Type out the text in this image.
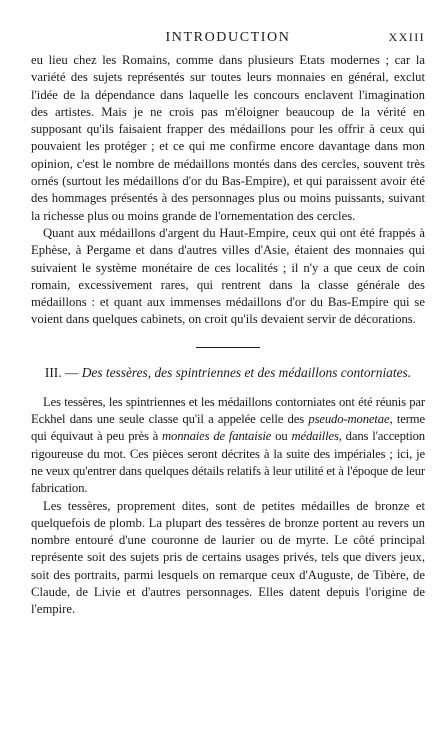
INTRODUCTION	XXIII

eu lieu chez les Romains, comme dans plusieurs Etats modernes ; car la variété des sujets représentés sur toutes leurs monnaies en général, exclut l'idée de la dépendance dans laquelle les concours enclavent l'imagination des artistes. Mais je ne crois pas m'éloigner beaucoup de la vérité en supposant qu'ils faisaient frapper des médaillons pour les offrir à ceux qui pouvaient les protéger ; et ce qui me confirme encore davantage dans mon opinion, c'est le nombre de médaillons montés dans des cercles, souvent très ornés (surtout les médaillons d'or du Bas-Empire), et qui paraissent avoir été des hommages présentés à des personnages plus ou moins puissants, suivant la richesse plus ou moins grande de l'ornementation des cercles.

Quant aux médaillons d'argent du Haut-Empire, ceux qui ont été frappés à Ephèse, à Pergame et dans d'autres villes d'Asie, étaient des monnaies qui suivaient le système monétaire de ces localités ; il n'y a que ceux de coin romain, excessivement rares, qui rentrent dans la classe générale des médaillons : et quant aux immenses médaillons d'or du Bas-Empire qui se voient dans quelques cabinets, on croit qu'ils devaient servir de décorations.

III. — Des tessères, des spintriennes et des médaillons contorniates.

Les tessères, les spintriennes et les médaillons contorniates ont été réunis par Eckhel dans une seule classe qu'il a appelée celle des pseudo-monetae, terme qui équivaut à peu près à monnaies de fantaisie ou médailles, dans l'acception rigoureuse du mot. Ces pièces seront décrites à la suite des impériales ; ici, je ne veux qu'entrer dans quelques détails relatifs à leur utilité et à l'époque de leur fabrication.

Les tessères, proprement dites, sont de petites médailles de bronze et quelquefois de plomb. La plupart des tessères de bronze portent au revers un nombre entouré d'une couronne de laurier ou de myrte. Le côté principal représente soit des sujets pris de certains usages privés, tels que divers jeux, soit des portraits, parmi lesquels on remarque ceux d'Auguste, de Tibère, de Claude, de Livie et d'autres personnages. Elles datent depuis l'origine de l'empire.
